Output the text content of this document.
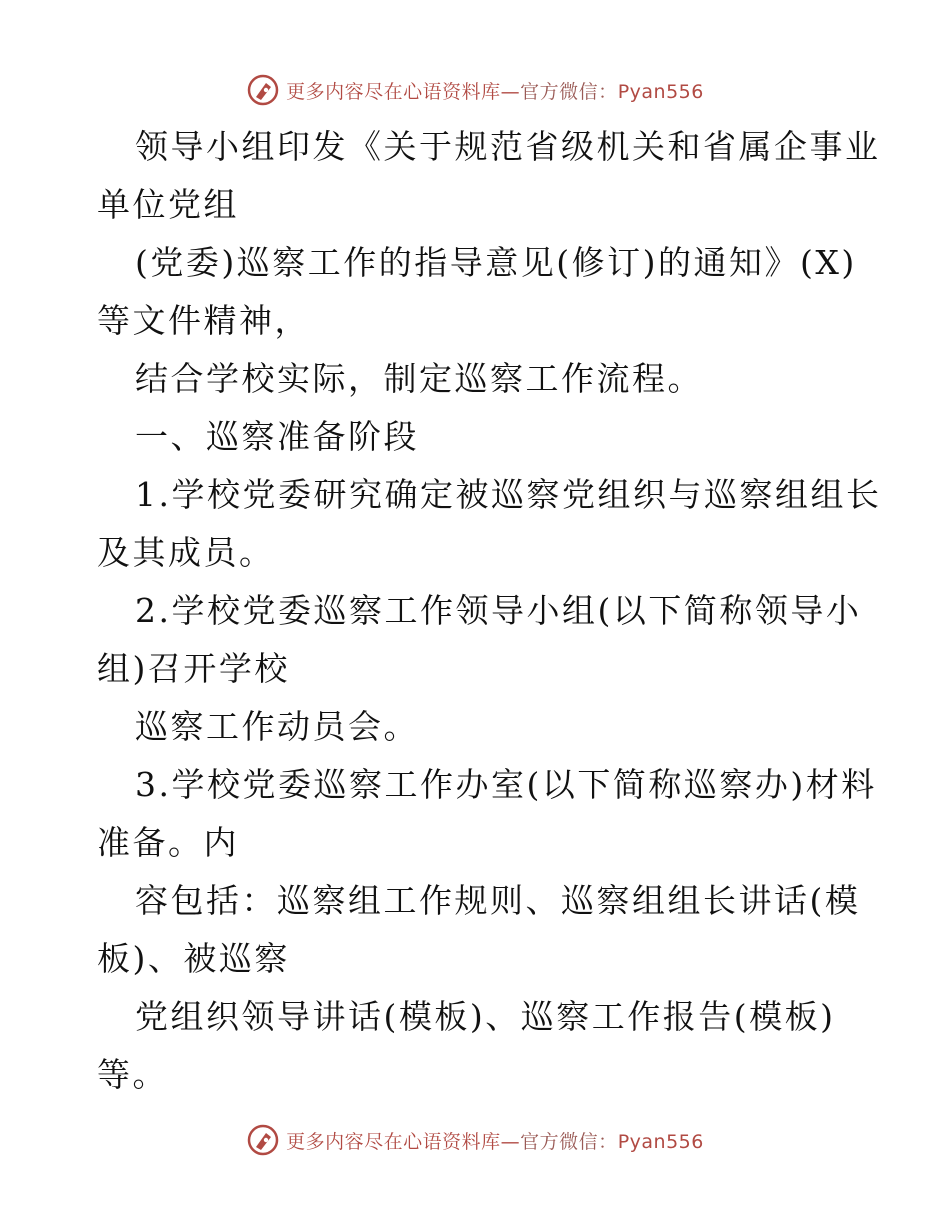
更多内容尽在心语资料库—官方微信：Pyan556

领导小组印发《关于规范省级机关和省属企事业

单位党组

(党委)巡察工作的指导意见(修订)的通知》(X)

等文件精神，

结合学校实际，制定巡察工作流程。

一、巡察准备阶段

1.学校党委研究确定被巡察党组织与巡察组组长

及其成员。

2.学校党委巡察工作领导小组(以下简称领导小

组)召开学校

巡察工作动员会。

3.学校党委巡察工作办室(以下简称巡察办)材料

准备。内

容包括：巡察组工作规则、巡察组组长讲话(模

板)、被巡察

党组织领导讲话(模板)、巡察工作报告(模板)

等。

更多内容尽在心语资料库—官方微信：Pyan556
